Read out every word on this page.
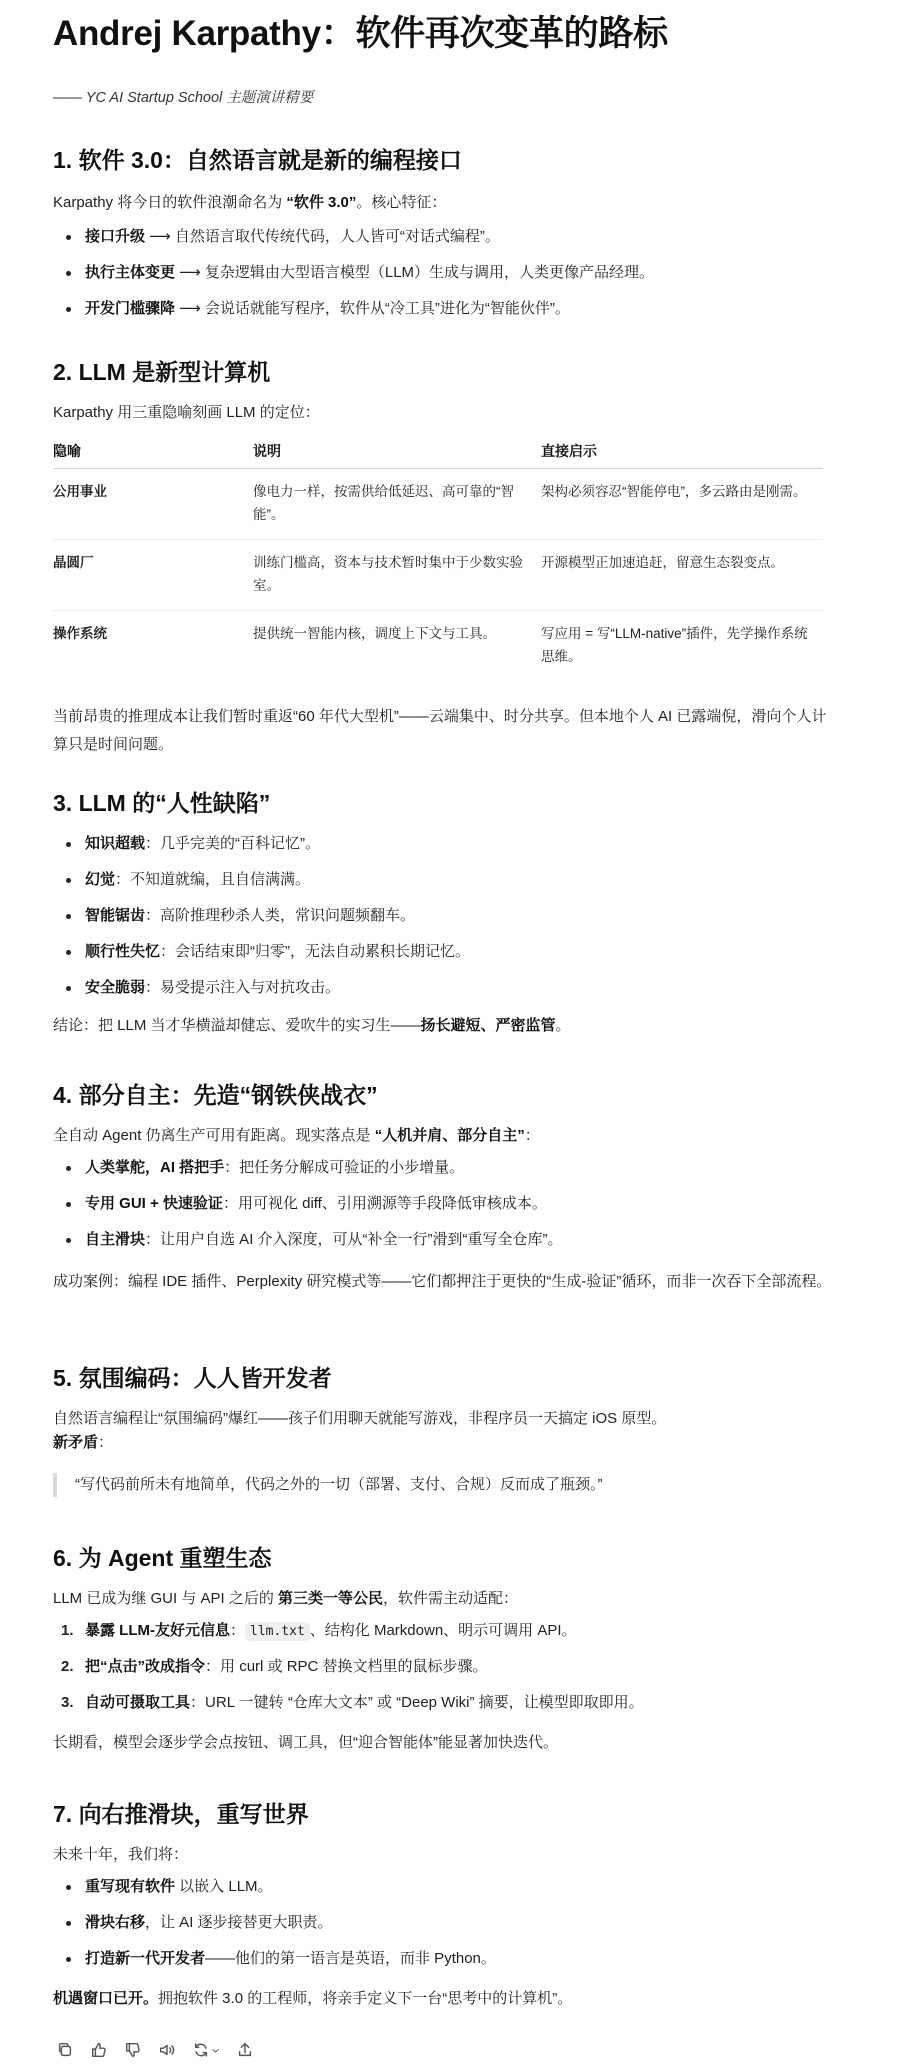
Andrej Karpathy：软件再次变革的路标
—— YC AI Startup School 主题演讲精要
1. 软件 3.0：自然语言就是新的编程接口

Karpathy 将今日的软件浪潮命名为 “软件 3.0”。核心特征：

接口升级 ⟶ 自然语言取代传统代码，人人皆可“对话式编程”。
执行主体变更 ⟶ 复杂逻辑由大型语言模型（LLM）生成与调用，人类更像产品经理。
开发门槛骤降 ⟶ 会说话就能写程序，软件从“冷工具”进化为“智能伙伴”。
2. LLM 是新型计算机

Karpathy 用三重隐喻刻画 LLM 的定位：

隐喻	说明	直接启示
公用事业	像电力一样，按需供给低延迟、高可靠的“智能”。	架构必须容忍“智能停电”，多云路由是刚需。
晶圆厂	训练门槛高，资本与技术暂时集中于少数实验室。	开源模型正加速追赶，留意生态裂变点。
操作系统	提供统一智能内核，调度上下文与工具。	写应用 = 写“LLM-native”插件，先学操作系统思维。

当前昂贵的推理成本让我们暂时重返“60 年代大型机”——云端集中、时分共享。但本地个人 AI 已露端倪，滑向个人计算只是时间问题。

3. LLM 的“人性缺陷”
知识超载：几乎完美的“百科记忆”。
幻觉：不知道就编，且自信满满。
智能锯齿：高阶推理秒杀人类，常识问题频翻车。
顺行性失忆：会话结束即“归零”，无法自动累积长期记忆。
安全脆弱：易受提示注入与对抗攻击。

结论：把 LLM 当才华横溢却健忘、爱吹牛的实习生——扬长避短、严密监管。

4. 部分自主：先造“钢铁侠战衣”

全自动 Agent 仍离生产可用有距离。现实落点是 “人机并肩、部分自主”：

人类掌舵，AI 搭把手：把任务分解成可验证的小步增量。
专用 GUI + 快速验证：用可视化 diff、引用溯源等手段降低审核成本。
自主滑块：让用户自选 AI 介入深度，可从“补全一行”滑到“重写全仓库”。

成功案例：编程 IDE 插件、Perplexity 研究模式等——它们都押注于更快的“生成-验证”循环，而非一次吞下全部流程。

5. 氛围编码：人人皆开发者

自然语言编程让“氛围编码”爆红——孩子们用聊天就能写游戏，非程序员一天搞定 iOS 原型。

新矛盾：

“写代码前所未有地简单，代码之外的一切（部署、支付、合规）反而成了瓶颈。”
6. 为 Agent 重塑生态

LLM 已成为继 GUI 与 API 之后的 第三类一等公民，软件需主动适配：

1. 暴露 LLM-友好元信息： llm.txt 、结构化 Markdown、明示可调用 API。
2. 把“点击”改成指令：用 curl 或 RPC 替换文档里的鼠标步骤。
3. 自动可摄取工具：URL 一键转 “仓库大文本” 或 “Deep Wiki” 摘要，让模型即取即用。

长期看，模型会逐步学会点按钮、调工具，但“迎合智能体”能显著加快迭代。

7. 向右推滑块，重写世界

未来十年，我们将：

重写现有软件 以嵌入 LLM。
滑块右移，让 AI 逐步接替更大职责。
打造新一代开发者——他们的第一语言是英语，而非 Python。

机遇窗口已开。拥抱软件 3.0 的工程师，将亲手定义下一台“思考中的计算机”。
